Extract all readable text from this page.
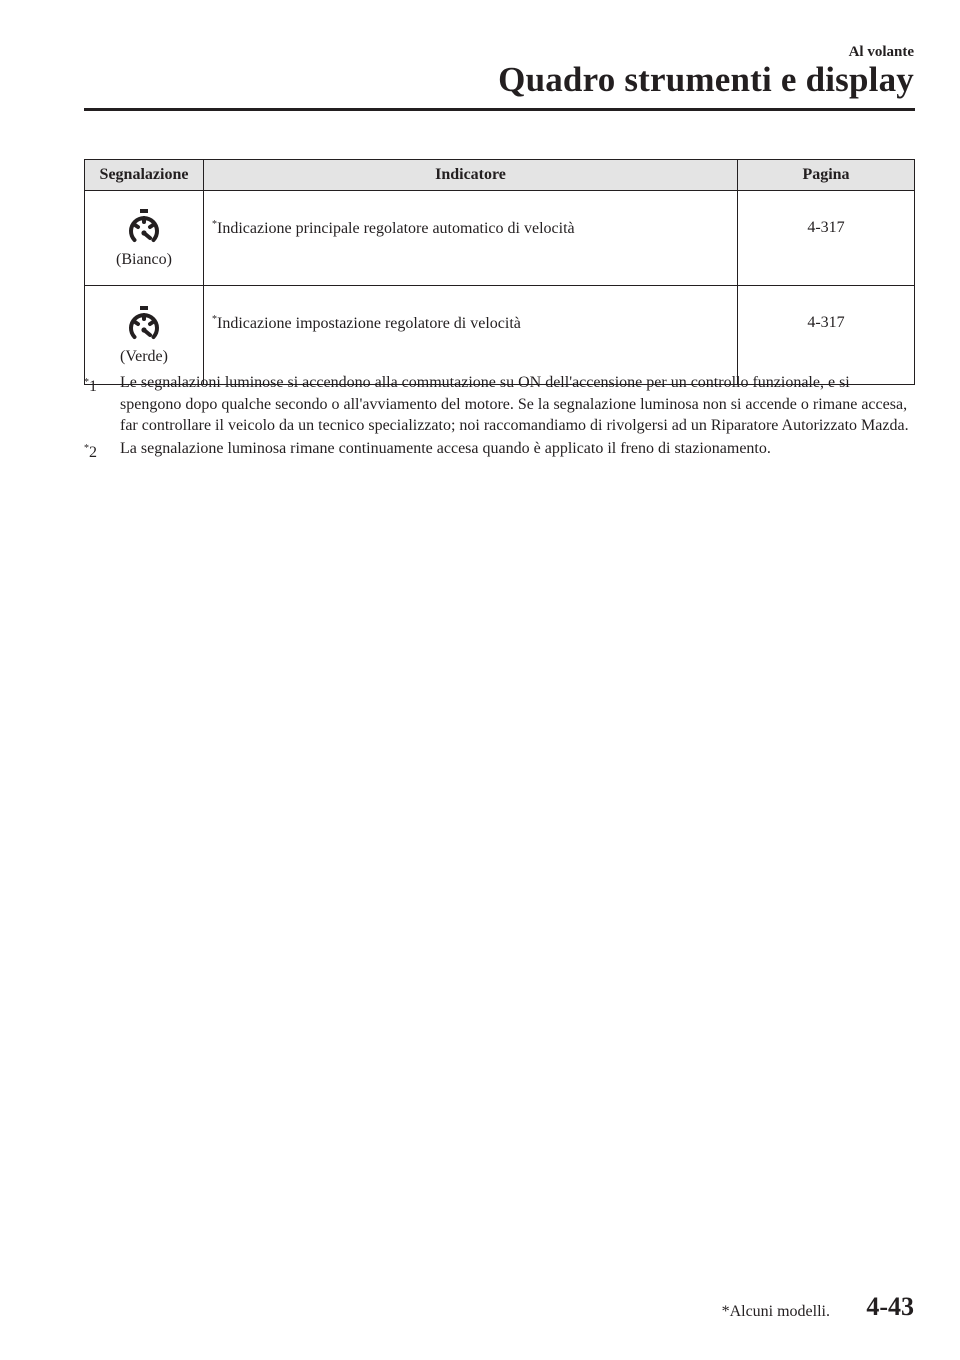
Al volante
Quadro strumenti e display
Segnalazione	Indicatore	Pagina

(Bianco)	*Indicazione principale regolatore automatico di velocità	4-317

(Verde)	*Indicazione impostazione regolatore di velocità	4-317
*1 Le segnalazioni luminose si accendono alla commutazione su ON dell'accensione per un controllo funzionale, e si spengono dopo qualche secondo o all'avviamento del motore. Se la segnalazione luminosa non si accende o rimane accesa, far controllare il veicolo da un tecnico specializzato; noi raccomandiamo di rivolgersi ad un Riparatore Autorizzato Mazda.
*2 La segnalazione luminosa rimane continuamente accesa quando è applicato il freno di stazionamento.
*Alcuni modelli. 4-43
